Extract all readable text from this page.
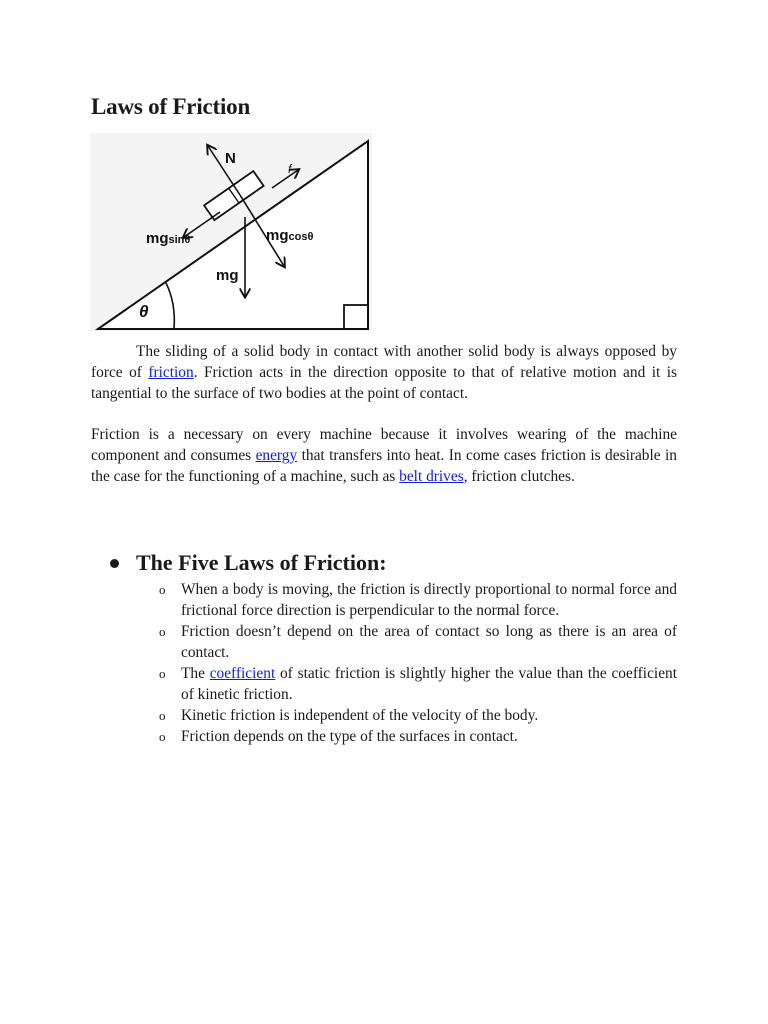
Laws of Friction
N
f
mgsinθ	mgcosθ
mg
θ

The sliding of a solid body in contact with another solid body is always opposed by force of friction. Friction acts in the direction opposite to that of relative motion and it is tangential to the surface of two bodies at the point of contact.

Friction is a necessary on every machine because it involves wearing of the machine component and consumes energy that transfers into heat. In come cases friction is desirable in the case for the functioning of a machine, such as belt drives, friction clutches.

The Five Laws of Friction:
o When a body is moving, the friction is directly proportional to normal force and frictional force direction is perpendicular to the normal force.
o Friction doesn’t depend on the area of contact so long as there is an area of contact.
o The coefficient of static friction is slightly higher the value than the coefficient of kinetic friction.
o Kinetic friction is independent of the velocity of the body.
o Friction depends on the type of the surfaces in contact.
